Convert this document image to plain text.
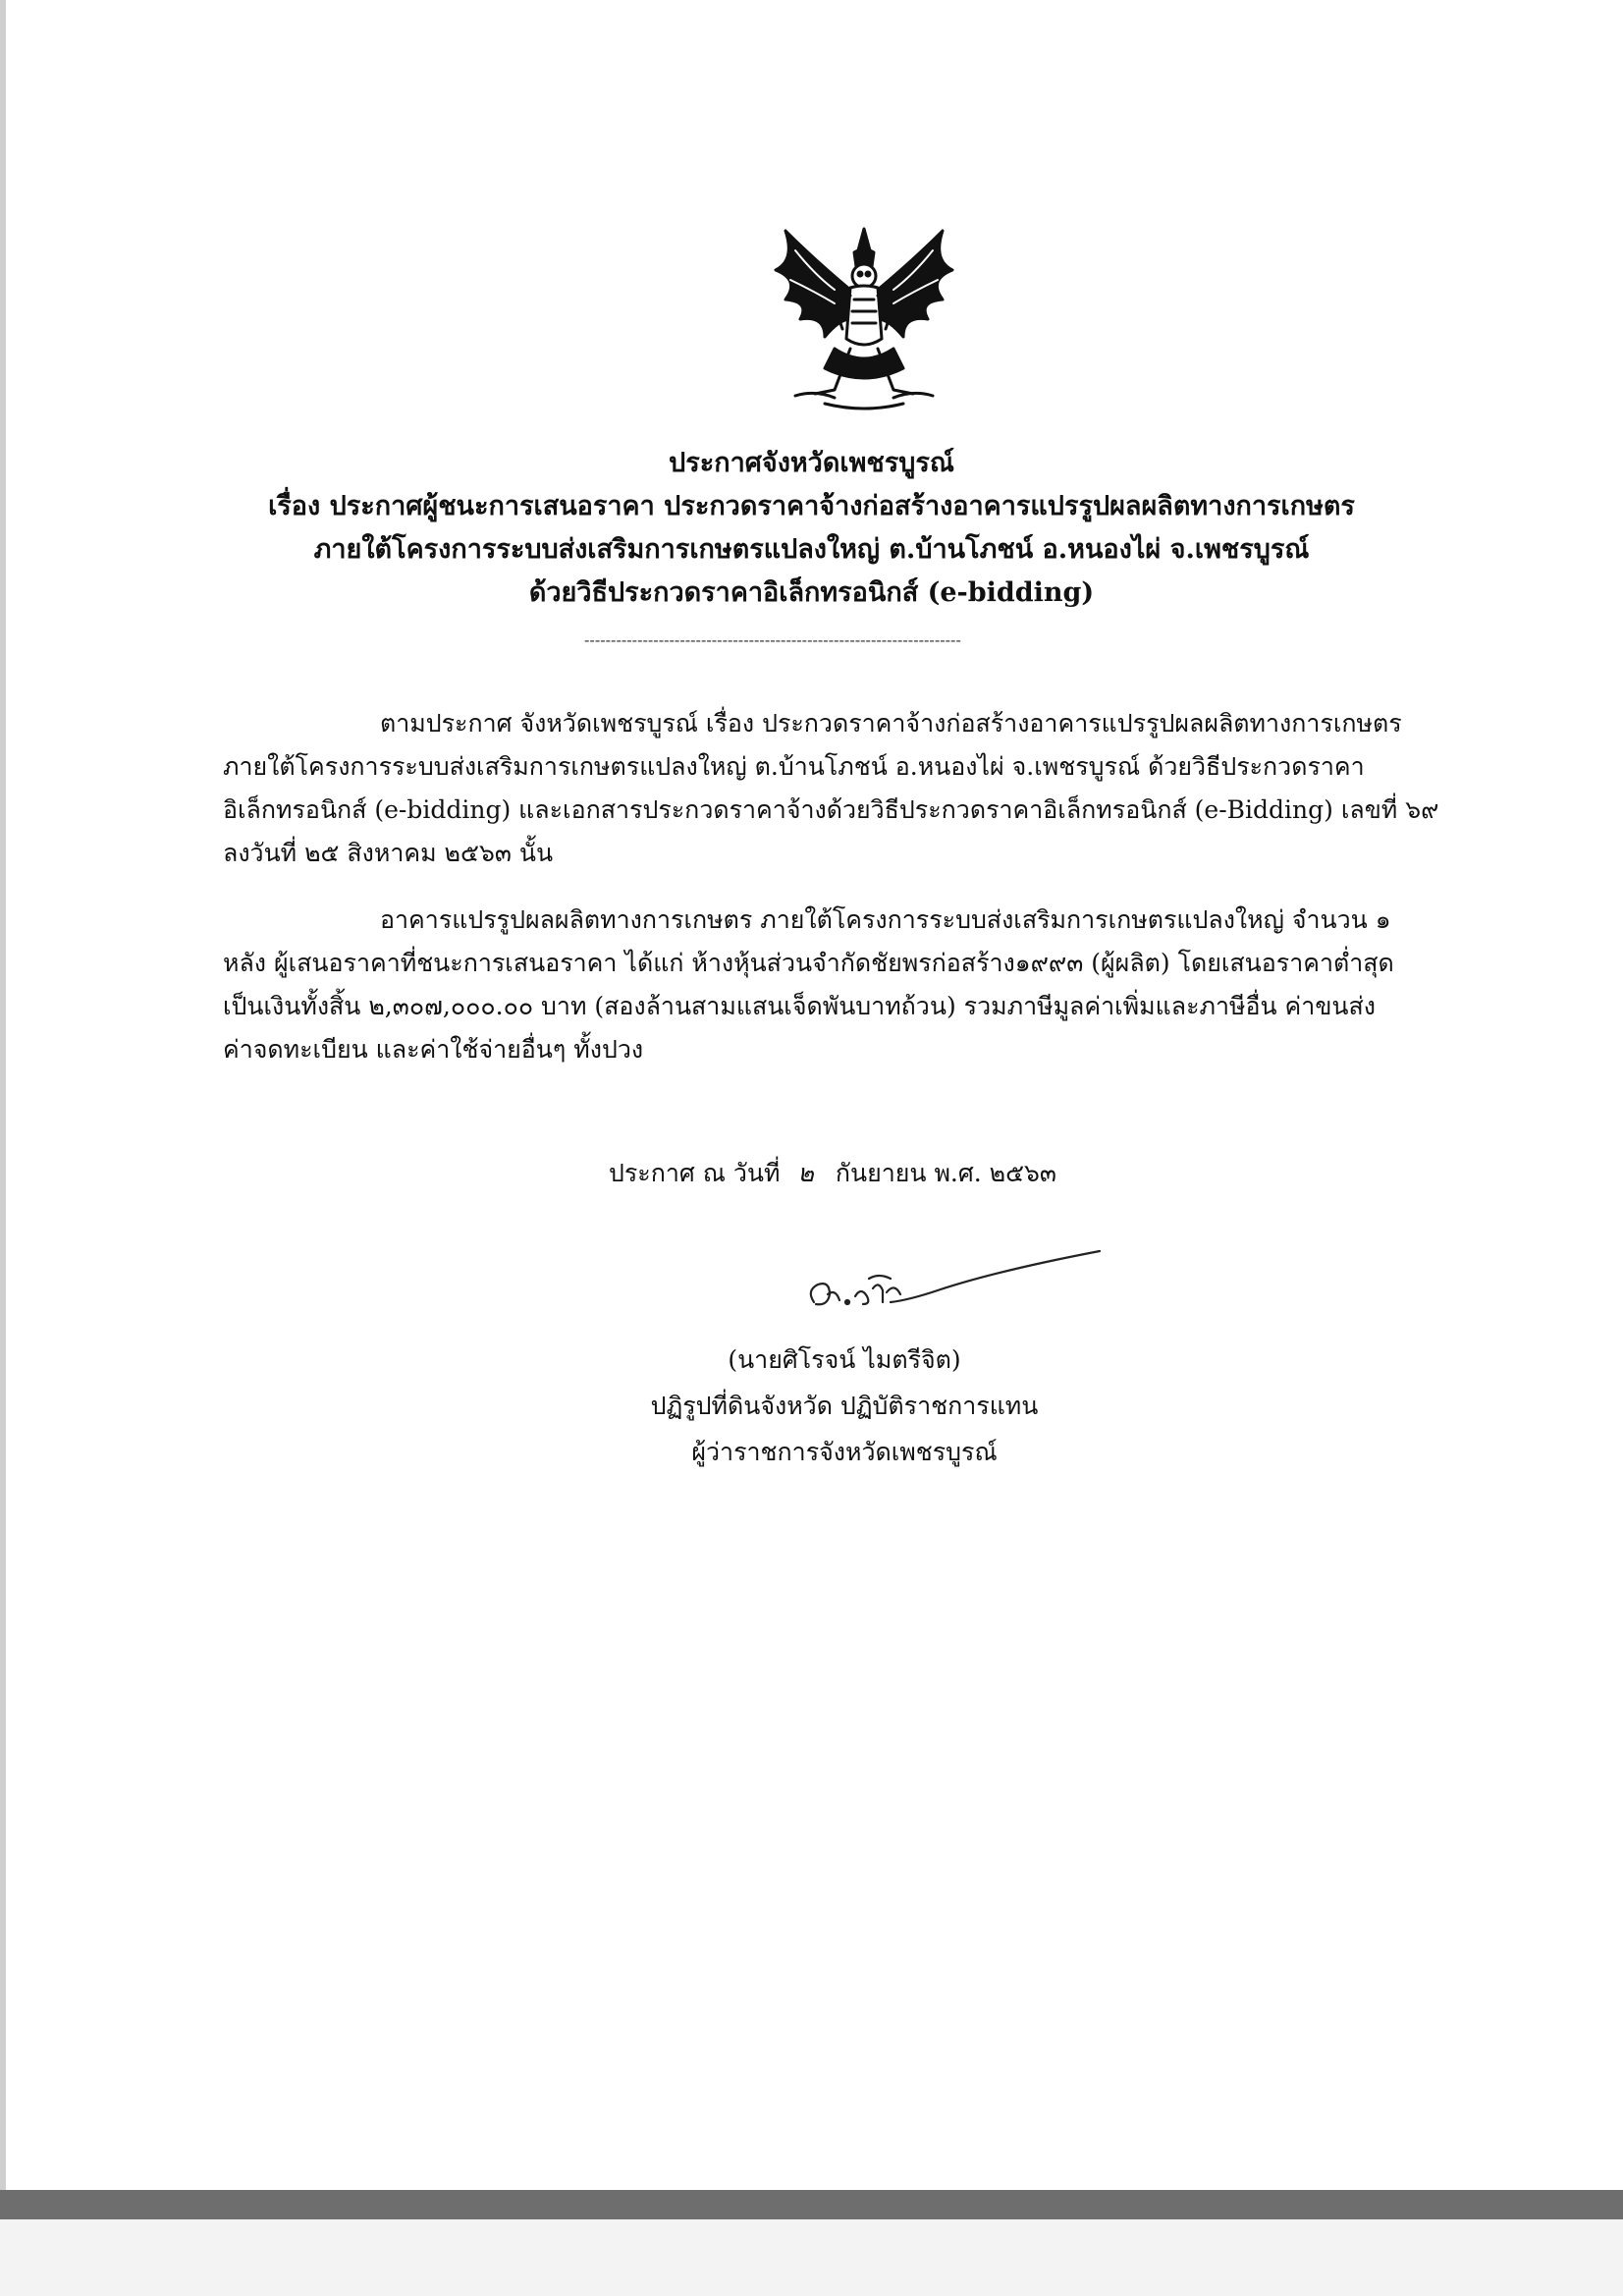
ประกาศจังหวัดเพชรบูรณ์
เรื่อง ประกาศผู้ชนะการเสนอราคา ประกวดราคาจ้างก่อสร้างอาคารแปรรูปผลผลิตทางการเกษตร
ภายใต้โครงการระบบส่งเสริมการเกษตรแปลงใหญ่ ต.บ้านโภชน์ อ.หนองไผ่ จ.เพชรบูรณ์
ด้วยวิธีประกวดราคาอิเล็กทรอนิกส์ (e-bidding)
-----------------------------------------------------------------------
ตามประกาศ จังหวัดเพชรบูรณ์ เรื่อง ประกวดราคาจ้างก่อสร้างอาคารแปรรูปผลผลิตทางการเกษตร
ภายใต้โครงการระบบส่งเสริมการเกษตรแปลงใหญ่ ต.บ้านโภชน์ อ.หนองไผ่ จ.เพชรบูรณ์ ด้วยวิธีประกวดราคา
อิเล็กทรอนิกส์ (e-bidding) และเอกสารประกวดราคาจ้างด้วยวิธีประกวดราคาอิเล็กทรอนิกส์ (e-Bidding) เลขที่ ๖๙
ลงวันที่ ๒๕ สิงหาคม ๒๕๖๓ นั้น
อาคารแปรรูปผลผลิตทางการเกษตร ภายใต้โครงการระบบส่งเสริมการเกษตรแปลงใหญ่ จำนวน ๑
หลัง ผู้เสนอราคาที่ชนะการเสนอราคา ได้แก่ ห้างหุ้นส่วนจำกัดชัยพรก่อสร้าง๑๙๙๓ (ผู้ผลิต) โดยเสนอราคาต่ำสุด
เป็นเงินทั้งสิ้น ๒,๓๐๗,๐๐๐.๐๐ บาท (สองล้านสามแสนเจ็ดพันบาทถ้วน) รวมภาษีมูลค่าเพิ่มและภาษีอื่น ค่าขนส่ง
ค่าจดทะเบียน และค่าใช้จ่ายอื่นๆ ทั้งปวง
ประกาศ ณ วันที่ ๒ กันยายน พ.ศ. ๒๕๖๓
(นายศิโรจน์ ไมตรีจิต)
ปฏิรูปที่ดินจังหวัด ปฏิบัติราชการแทน
ผู้ว่าราชการจังหวัดเพชรบูรณ์
